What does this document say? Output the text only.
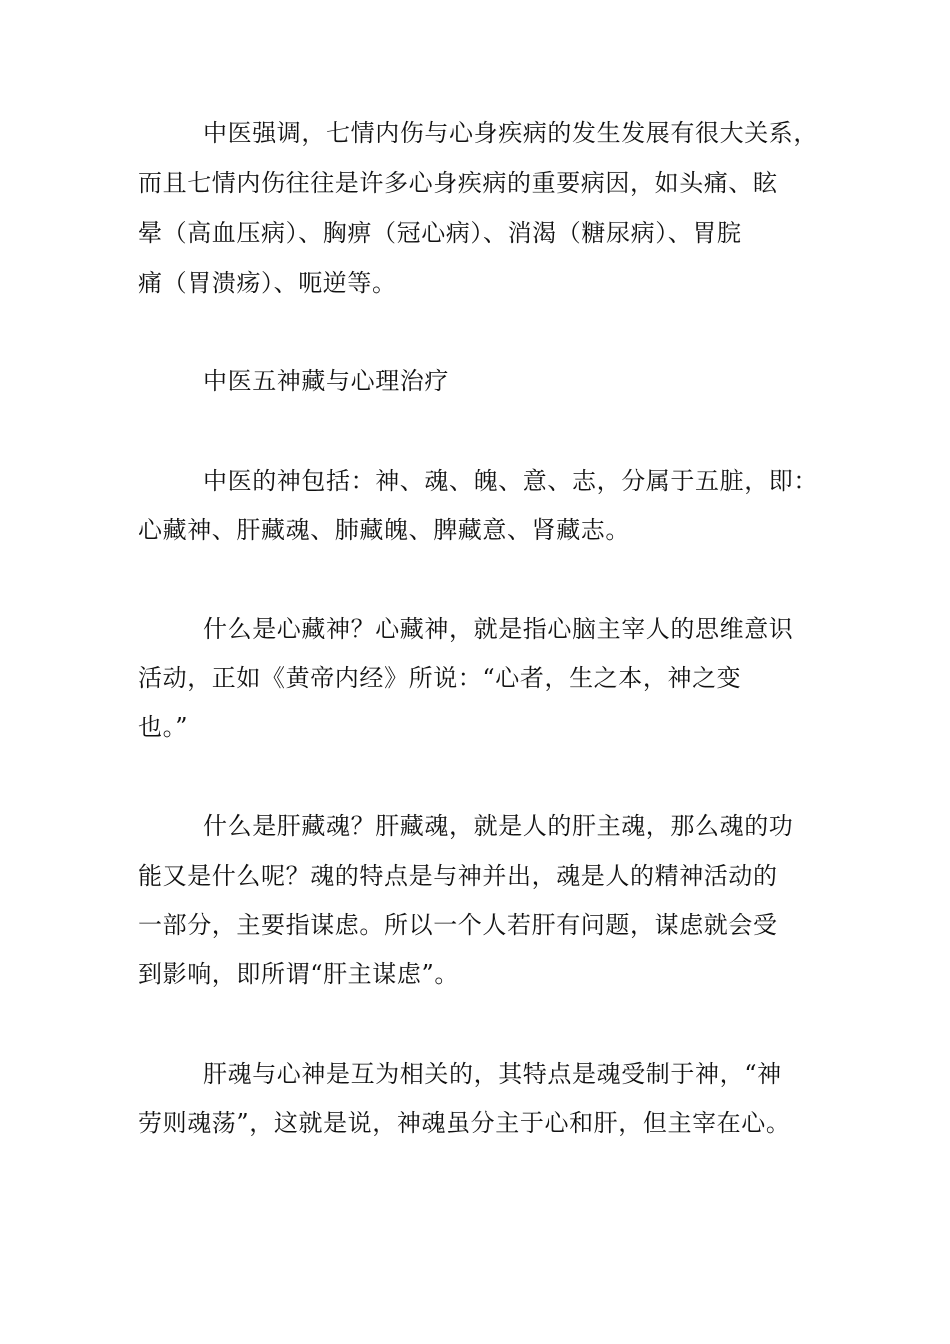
中医强调，七情内伤与心身疾病的发生发展有很大关系，
而且七情内伤往往是许多心身疾病的重要病因，如头痛、眩
晕（高血压病）、胸痹（冠心病）、消渴（糖尿病）、胃脘
痛（胃溃疡）、呃逆等。
中医五神藏与心理治疗
中医的神包括：神、魂、魄、意、志，分属于五脏，即：
心藏神、肝藏魂、肺藏魄、脾藏意、肾藏志。
什么是心藏神？心藏神，就是指心脑主宰人的思维意识
活动，正如《黄帝内经》所说：“心者，生之本，神之变
也。”
什么是肝藏魂？肝藏魂，就是人的肝主魂，那么魂的功
能又是什么呢？魂的特点是与神并出，魂是人的精神活动的
一部分，主要指谋虑。所以一个人若肝有问题，谋虑就会受
到影响，即所谓“肝主谋虑”。
肝魂与心神是互为相关的，其特点是魂受制于神，“神
劳则魂荡”，这就是说，神魂虽分主于心和肝，但主宰在心。
